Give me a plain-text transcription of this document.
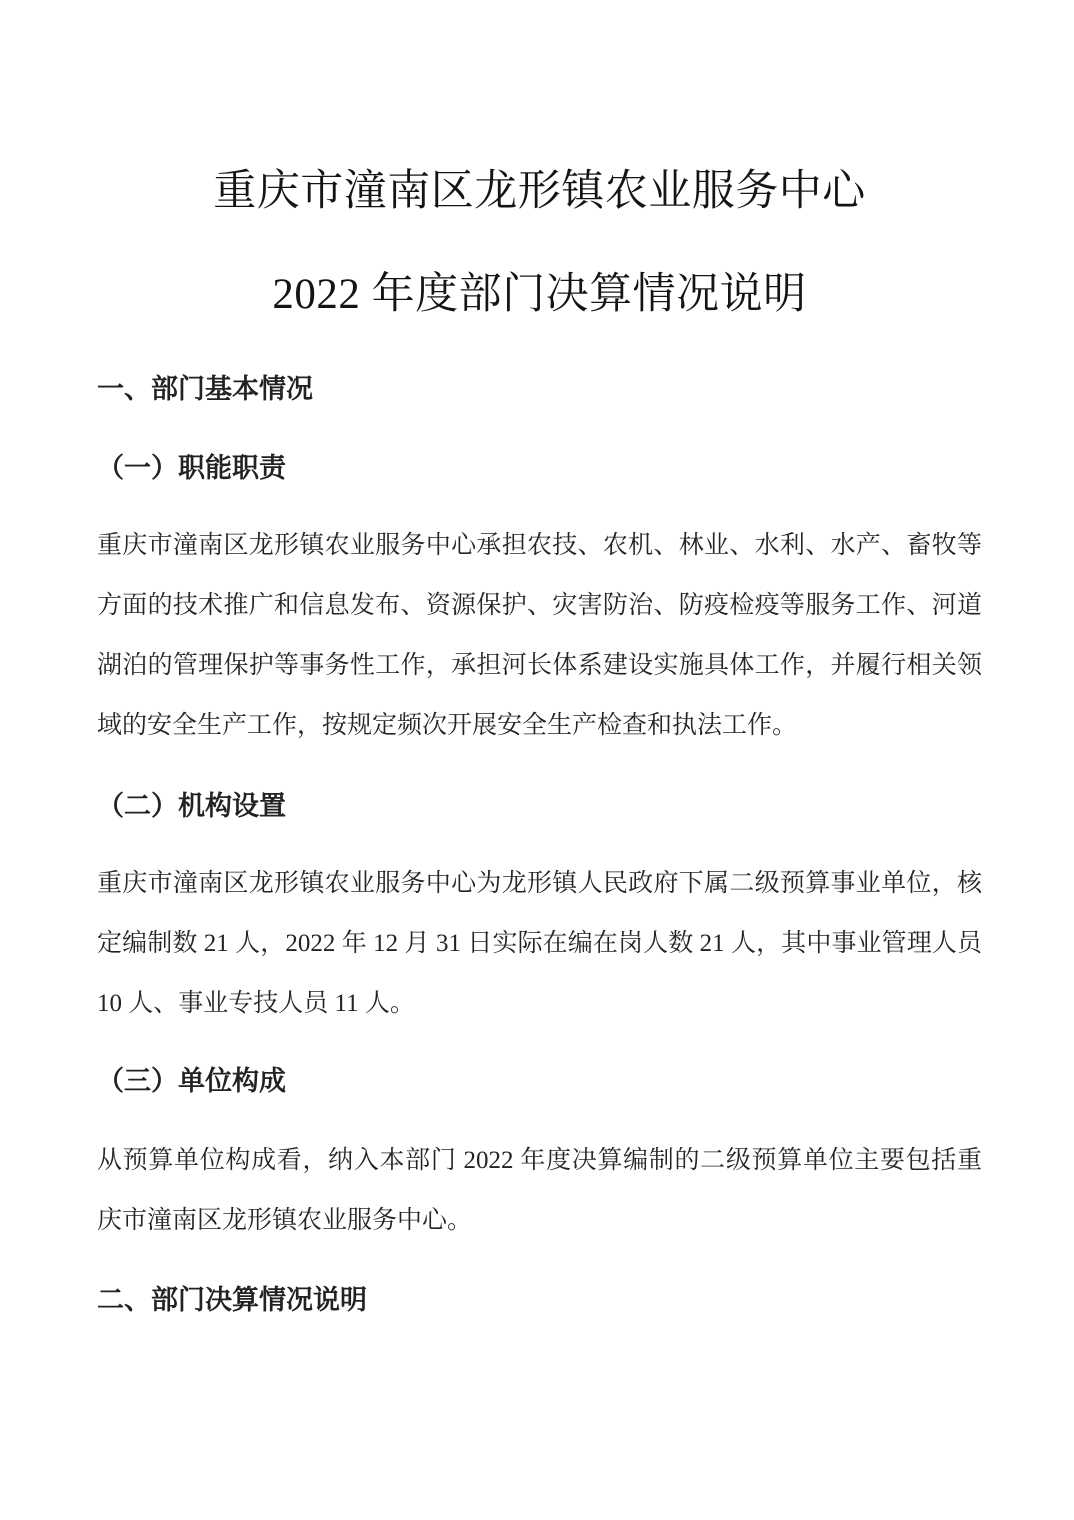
重庆市潼南区龙形镇农业服务中心
2022 年度部门决算情况说明
一、部门基本情况
（一）职能职责

重庆市潼南区龙形镇农业服务中心承担农技、农机、林业、水利、水产、畜牧等方面的技术推广和信息发布、资源保护、灾害防治、防疫检疫等服务工作、河道湖泊的管理保护等事务性工作，承担河长体系建设实施具体工作，并履行相关领域的安全生产工作，按规定频次开展安全生产检查和执法工作。

（二）机构设置

重庆市潼南区龙形镇农业服务中心为龙形镇人民政府下属二级预算事业单位，核定编制数 21 人，2022 年 12 月 31 日实际在编在岗人数 21 人，其中事业管理人员 10 人、事业专技人员 11 人。

（三）单位构成

从预算单位构成看，纳入本部门 2022 年度决算编制的二级预算单位主要包括重庆市潼南区龙形镇农业服务中心。

二、部门决算情况说明
